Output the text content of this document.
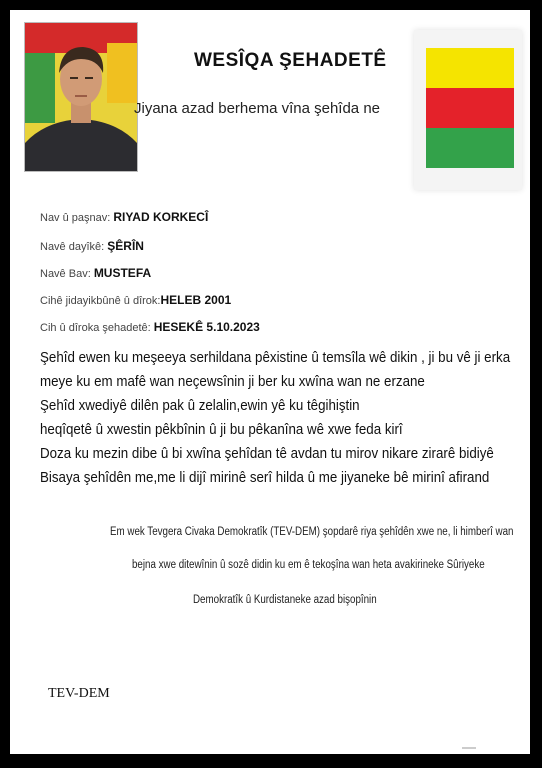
WESÎQA ŞEHADETÊ
Jiyana azad berhema vîna şehîda ne
Nav û paşnav: RIYAD KORKECÎ
Navê dayîkê: ŞÊRÎN
Navê Bav: MUSTEFA
Cihê jidayikbûnê û dîrok:HELEB 2001
Cih û dîroka şehadetê: HESEKÊ 5.10.2023
Şehîd ewen ku meşeeya serhildana pêxistine û temsîla wê dikin , ji bu vê ji erka
meye ku em mafê wan neçewsînin ji ber ku xwîna wan ne erzane
Şehîd xwediyê dilên pak û zelalin,ewin yê ku têgihiştin
heqîqetê û xwestin pêkbînin û ji bu pêkanîna wê xwe feda kirî
Doza ku mezin dibe û bi xwîna şehîdan tê avdan tu mirov nikare zirarê bidiyê
Bisaya şehîdên me,me li dijî mirinê serî hilda û me jiyaneke bê mirinî afirand
Em wek Tevgera Civaka Demokratîk (TEV-DEM) şopdarê riya şehîdên xwe ne, li himberî wan
bejna xwe ditewînin û sozê didin ku em ê tekoşîna wan heta avakirineke Sûriyeke
Demokratîk û Kurdistaneke azad bişopînin
TEV-DEM
